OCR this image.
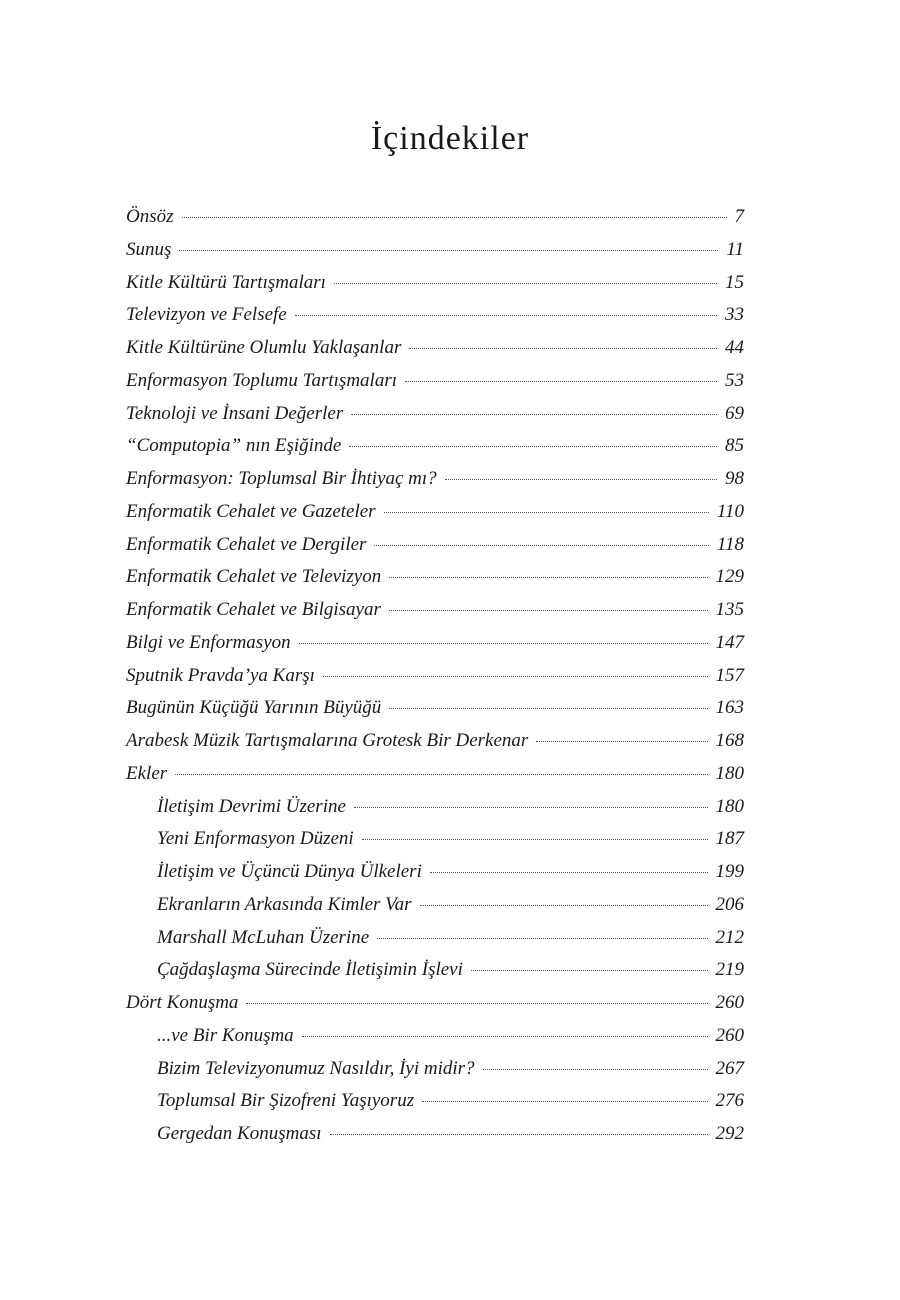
İçindekiler
Önsöz	7
Sunuş	11
Kitle Kültürü Tartışmaları	15
Televizyon ve Felsefe	33
Kitle Kültürüne Olumlu Yaklaşanlar	44
Enformasyon Toplumu Tartışmaları	53
Teknoloji ve İnsani Değerler	69
“Computopia” nın Eşiğinde	85
Enformasyon: Toplumsal Bir İhtiyaç mı?	98
Enformatik Cehalet ve Gazeteler	110
Enformatik Cehalet ve Dergiler	118
Enformatik Cehalet ve Televizyon	129
Enformatik Cehalet ve Bilgisayar	135
Bilgi ve Enformasyon	147
Sputnik Pravda’ya Karşı	157
Bugünün Küçüğü Yarının Büyüğü	163
Arabesk Müzik Tartışmalarına Grotesk Bir Derkenar	168
Ekler	180
İletişim Devrimi Üzerine	180
Yeni Enformasyon Düzeni	187
İletişim ve Üçüncü Dünya Ülkeleri	199
Ekranların Arkasında Kimler Var	206
Marshall McLuhan Üzerine	212
Çağdaşlaşma Sürecinde İletişimin İşlevi	219
Dört Konuşma	260
...ve Bir Konuşma	260
Bizim Televizyonumuz Nasıldır, İyi midir?	267
Toplumsal Bir Şizofreni Yaşıyoruz	276
Gergedan Konuşması	292
